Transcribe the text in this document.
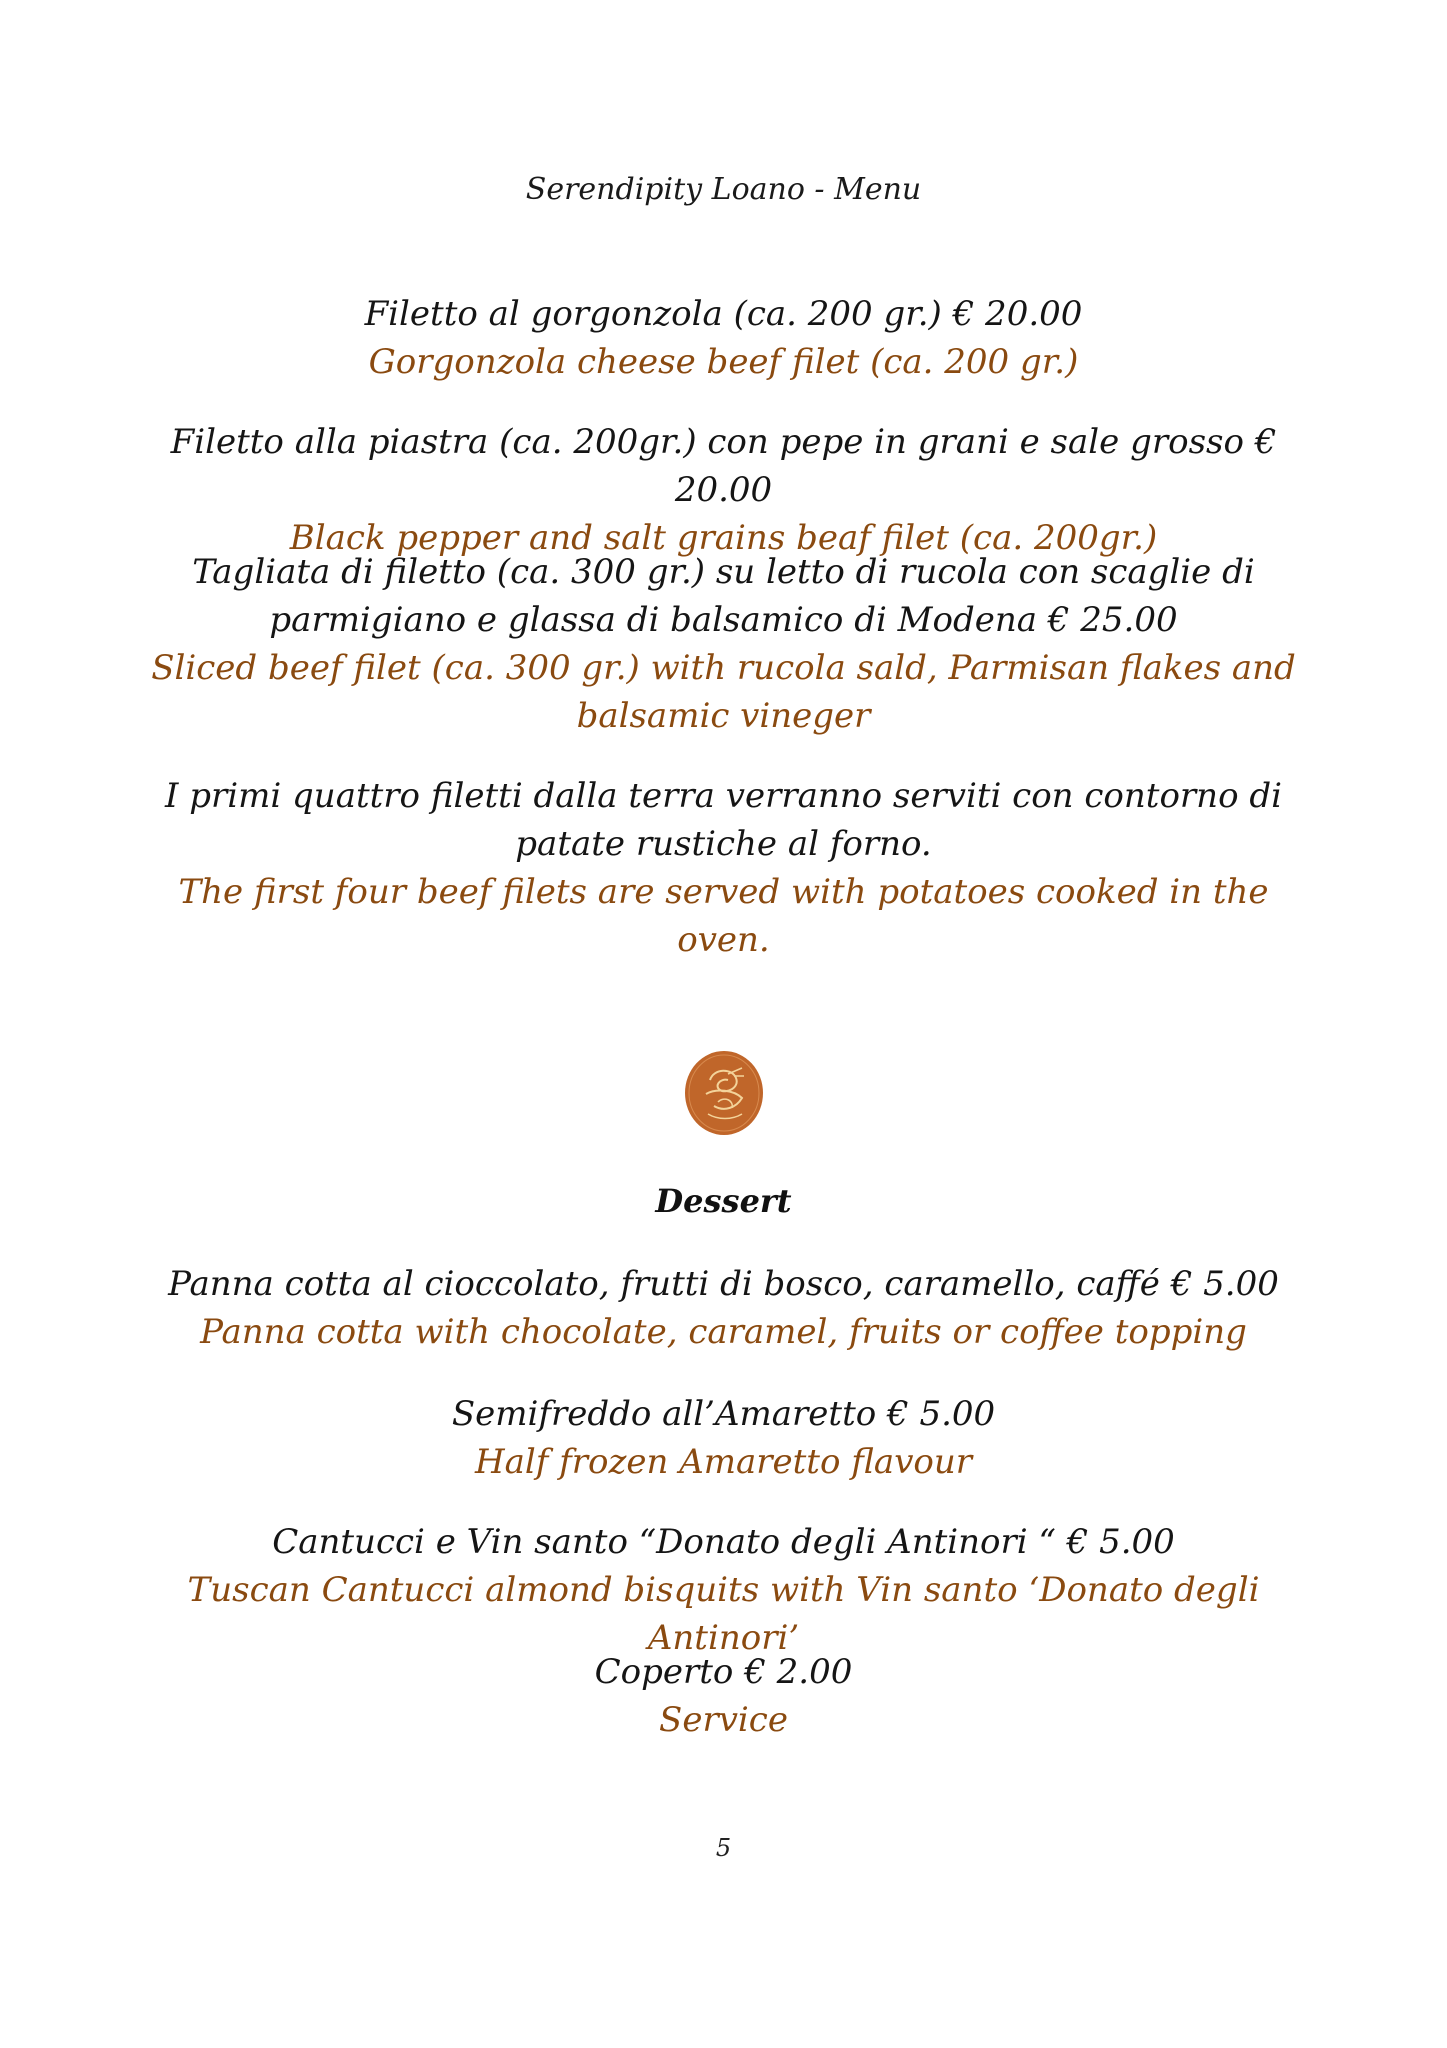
Serendipity Loano - Menu
Filetto al gorgonzola (ca. 200 gr.) € 20.00
Gorgonzola cheese beef filet (ca. 200 gr.)
Filetto alla piastra (ca. 200gr.) con pepe in grani e sale grosso € 20.00
Black pepper and salt grains beaf filet (ca. 200gr.)
Tagliata di filetto (ca. 300 gr.) su letto di rucola con scaglie di parmigiano e glassa di balsamico di Modena € 25.00
Sliced beef filet (ca. 300 gr.) with rucola sald, Parmisan flakes and balsamic vineger
I primi quattro filetti dalla terra verranno serviti con contorno di patate rustiche al forno.
The first four beef filets are served with potatoes cooked in the oven.
Dessert
Panna cotta al cioccolato, frutti di bosco, caramello, caffé € 5.00
Panna cotta with chocolate, caramel, fruits or coffee topping
Semifreddo all’Amaretto € 5.00
Half frozen Amaretto flavour
Cantucci e Vin santo “Donato degli Antinori “ € 5.00
Tuscan Cantucci almond bisquits with Vin santo ‘Donato degli Antinori’
Coperto € 2.00
Service
5
